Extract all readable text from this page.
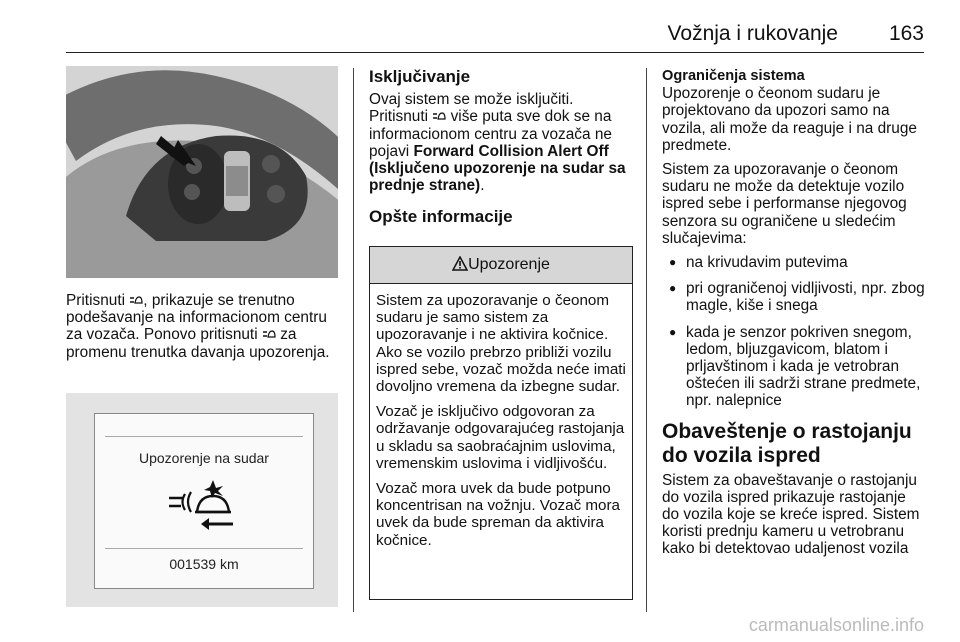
Vožnja i rukovanje 163

Pritisnuti , prikazuje se trenutno podešavanje na informacionom centru za vozača. Ponovo pritisnuti za promenu trenutka davanja upozorenja.

Upozorenje na sudar
001539 km
Isključivanje

Ovaj sistem se može isključiti. Pritisnuti više puta sve dok se na informacionom centru za vozača ne pojavi Forward Collision Alert Off (Isključeno upozorenje na sudar sa prednje strane).

Opšte informacije
Upozorenje

Sistem za upozoravanje o čeonom sudaru je samo sistem za upozoravanje i ne aktivira kočnice. Ako se vozilo prebrzo približi vozilu ispred sebe, vozač možda neće imati dovoljno vremena da izbegne sudar.

Vozač je isključivo odgovoran za održavanje odgovarajućeg rastojanja u skladu sa saobraćajnim uslovima, vremenskim uslovima i vidljivošću.

Vozač mora uvek da bude potpuno koncentrisan na vožnju. Vozač mora uvek da bude spreman da aktivira kočnice.

Ograničenja sistema

Upozorenje o čeonom sudaru je projektovano da upozori samo na vozila, ali može da reaguje i na druge predmete.

Sistem za upozoravanje o čeonom sudaru ne može da detektuje vozilo ispred sebe i performanse njegovog senzora su ograničene u sledećim slučajevima:

● na krivudavim putevima
● pri ograničenoj vidljivosti, npr. zbog magle, kiše i snega
● kada je senzor pokriven snegom, ledom, bljuzgavicom, blatom i prljavštinom i kada je vetrobran oštećen ili sadrži strane predmete, npr. nalepnice
Obaveštenje o rastojanju do vozila ispred

Sistem za obaveštavanje o rastojanju do vozila ispred prikazuje rastojanje do vozila koje se kreće ispred. Sistem koristi prednju kameru u vetrobranu kako bi detektovao udaljenost vozila

carmanualsonline.info
